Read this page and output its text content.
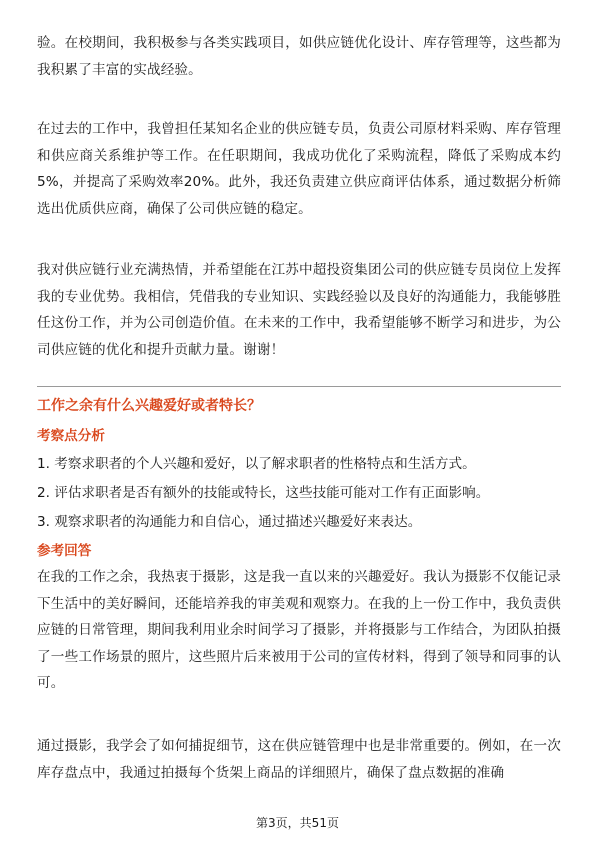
验。在校期间，我积极参与各类实践项目，如供应链优化设计、库存管理等，这些都为我积累了丰富的实战经验。

在过去的工作中，我曾担任某知名企业的供应链专员，负责公司原材料采购、库存管理和供应商关系维护等工作。在任职期间，我成功优化了采购流程，降低了采购成本约5%，并提高了采购效率20%。此外，我还负责建立供应商评估体系，通过数据分析筛选出优质供应商，确保了公司供应链的稳定。

我对供应链行业充满热情，并希望能在江苏中超投资集团公司的供应链专员岗位上发挥我的专业优势。我相信，凭借我的专业知识、实践经验以及良好的沟通能力，我能够胜任这份工作，并为公司创造价值。在未来的工作中，我希望能够不断学习和进步，为公司供应链的优化和提升贡献力量。谢谢！

工作之余有什么兴趣爱好或者特长？
考察点分析
1. 考察求职者的个人兴趣和爱好，以了解求职者的性格特点和生活方式。
2. 评估求职者是否有额外的技能或特长，这些技能可能对工作有正面影响。
3. 观察求职者的沟通能力和自信心，通过描述兴趣爱好来表达。
参考回答

在我的工作之余，我热衷于摄影，这是我一直以来的兴趣爱好。我认为摄影不仅能记录下生活中的美好瞬间，还能培养我的审美观和观察力。在我的上一份工作中，我负责供应链的日常管理，期间我利用业余时间学习了摄影，并将摄影与工作结合，为团队拍摄了一些工作场景的照片，这些照片后来被用于公司的宣传材料，得到了领导和同事的认可。

通过摄影，我学会了如何捕捉细节，这在供应链管理中也是非常重要的。例如，在一次库存盘点中，我通过拍摄每个货架上商品的详细照片，确保了盘点数据的准确

第3页，共51页
